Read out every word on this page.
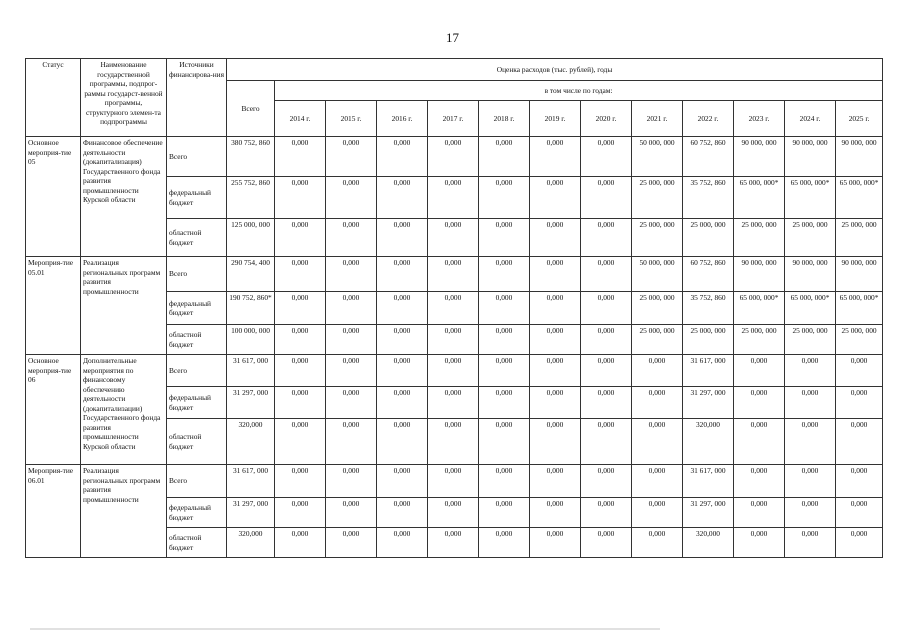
17
Статус	Наименование государственной программы, подпрог-раммы государст-венной программы, структурного элемен-та подпрограммы	Источники финансирова-ния	Оценка расходов (тыс. рублей), годы												
			Всего	в том числе по годам:											
				2014 г.	2015 г.	2016 г.	2017 г.	2018 г.	2019 г.	2020 г.	2021 г.	2022 г.	2023 г.	2024 г.	2025 г.
Основное мероприя-тие 05	Финансовое обеспечение деятельности (докапитализация) Государственного фонда развития промышленности Курской области	Всего	380 752, 860	0,000	0,000	0,000	0,000	0,000	0,000	0,000	50 000, 000	60 752, 860	90 000, 000	90 000, 000	90 000, 000
		федеральный бюджет	255 752, 860	0,000	0,000	0,000	0,000	0,000	0,000	0,000	25 000, 000	35 752, 860	65 000, 000*	65 000, 000*	65 000, 000*
		областной бюджет	125 000, 000	0,000	0,000	0,000	0,000	0,000	0,000	0,000	25 000, 000	25 000, 000	25 000, 000	25 000, 000	25 000, 000
Мероприя-тие 05.01	Реализация региональных программ развития промышленности	Всего	290 754, 400	0,000	0,000	0,000	0,000	0,000	0,000	0,000	50 000, 000	60 752, 860	90 000, 000	90 000, 000	90 000, 000
		федеральный бюджет	190 752, 860*	0,000	0,000	0,000	0,000	0,000	0,000	0,000	25 000, 000	35 752, 860	65 000, 000*	65 000, 000*	65 000, 000*
		областной бюджет	100 000, 000	0,000	0,000	0,000	0,000	0,000	0,000	0,000	25 000, 000	25 000, 000	25 000, 000	25 000, 000	25 000, 000
Основное мероприя-тие 06	Дополнительные мероприятия по финансовому обеспечению деятельности (докапитализации) Государственного фонда развития промышленности Курской области	Всего	31 617, 000	0,000	0,000	0,000	0,000	0,000	0,000	0,000	0,000	31 617, 000	0,000	0,000	0,000
		федеральный бюджет	31 297, 000	0,000	0,000	0,000	0,000	0,000	0,000	0,000	0,000	31 297, 000	0,000	0,000	0,000
		областной бюджет	320,000	0,000	0,000	0,000	0,000	0,000	0,000	0,000	0,000	320,000	0,000	0,000	0,000
Мероприя-тие 06.01	Реализация региональных программ развития промышленности	Всего	31 617, 000	0,000	0,000	0,000	0,000	0,000	0,000	0,000	0,000	31 617, 000	0,000	0,000	0,000
		федеральный бюджет	31 297, 000	0,000	0,000	0,000	0,000	0,000	0,000	0,000	0,000	31 297, 000	0,000	0,000	0,000
		областной бюджет	320,000	0,000	0,000	0,000	0,000	0,000	0,000	0,000	0,000	320,000	0,000	0,000	0,000
